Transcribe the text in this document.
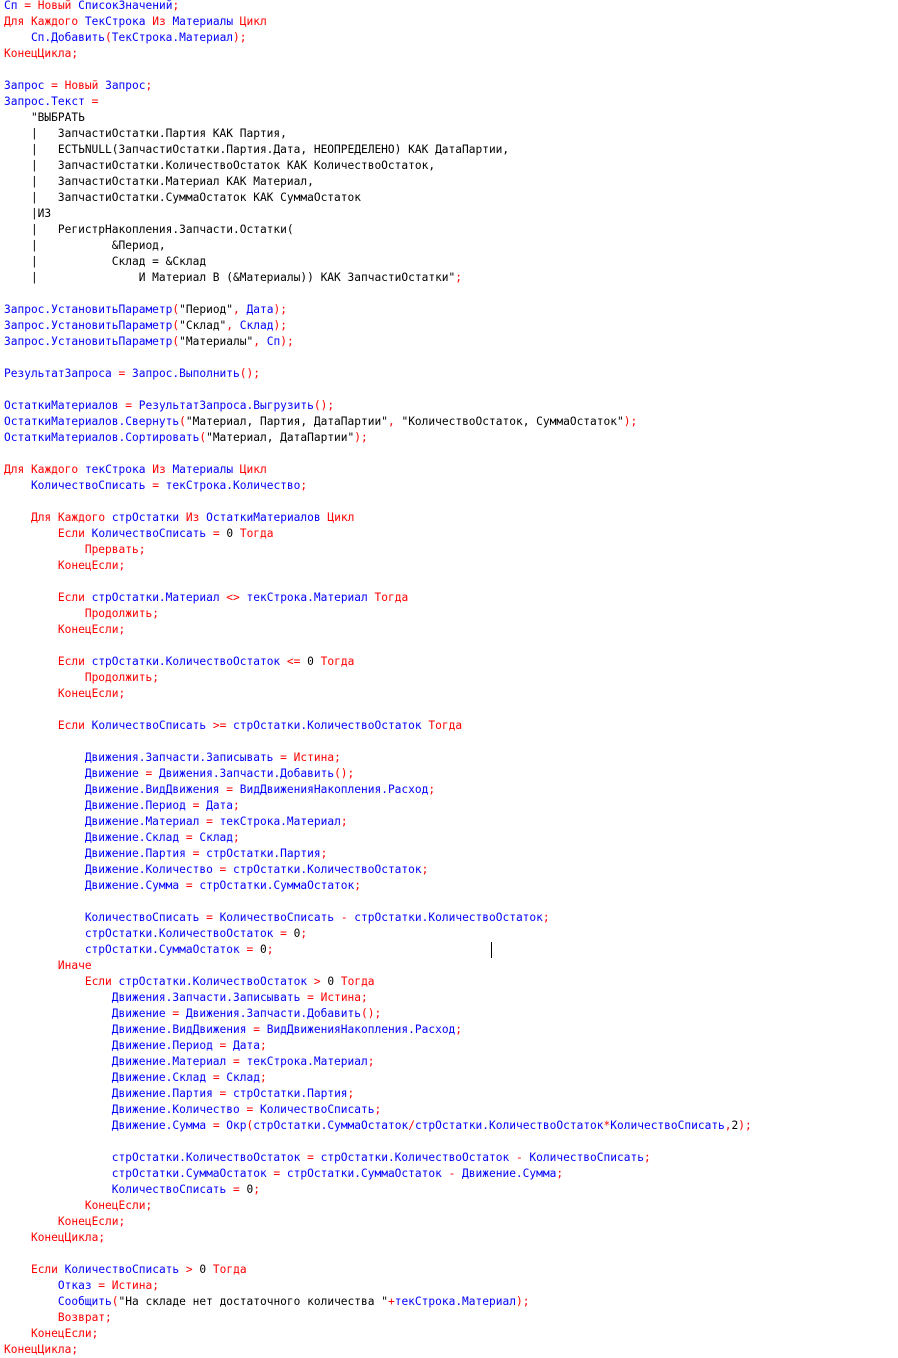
Сп = Новый СписокЗначений;
Для Каждого ТекСтрока Из Материалы Цикл
Сп.Добавить(ТекСтрока.Материал);
КонецЦикла;
Запрос = Новый Запрос;
Запрос.Текст =
"ВЫБРАТЬ
|   ЗапчастиОстатки.Партия КАК Партия,
|   ЕСТЬNULL(ЗапчастиОстатки.Партия.Дата, НЕОПРЕДЕЛЕНО) КАК ДатаПартии,
|   ЗапчастиОстатки.КоличествоОстаток КАК КоличествоОстаток,
|   ЗапчастиОстатки.Материал КАК Материал,
|   ЗапчастиОстатки.СуммаОстаток КАК СуммаОстаток
|ИЗ
|   РегистрНакопления.Запчасти.Остатки(
|           &Период,
|           Склад = &Склад
|               И Материал В (&Материалы)) КАК ЗапчастиОстатки";
Запрос.УстановитьПараметр("Период", Дата);
Запрос.УстановитьПараметр("Склад", Склад);
Запрос.УстановитьПараметр("Материалы", Сп);
РезультатЗапроса = Запрос.Выполнить();
ОстаткиМатериалов = РезультатЗапроса.Выгрузить();
ОстаткиМатериалов.Свернуть("Материал, Партия, ДатаПартии", "КоличествоОстаток, СуммаОстаток");
ОстаткиМатериалов.Сортировать("Материал, ДатаПартии");
Для Каждого текСтрока Из Материалы Цикл
КоличествоСписать = текСтрока.Количество;
Для Каждого стрОстатки Из ОстаткиМатериалов Цикл
Если КоличествоСписать = 0 Тогда
Прервать;
КонецЕсли;
Если стрОстатки.Материал <> текСтрока.Материал Тогда
Продолжить;
КонецЕсли;
Если стрОстатки.КоличествоОстаток <= 0 Тогда
Продолжить;
КонецЕсли;
Если КоличествоСписать >= стрОстатки.КоличествоОстаток Тогда
Движения.Запчасти.Записывать = Истина;
Движение = Движения.Запчасти.Добавить();
Движение.ВидДвижения = ВидДвиженияНакопления.Расход;
Движение.Период = Дата;
Движение.Материал = текСтрока.Материал;
Движение.Склад = Склад;
Движение.Партия = стрОстатки.Партия;
Движение.Количество = стрОстатки.КоличествоОстаток;
Движение.Сумма = стрОстатки.СуммаОстаток;
КоличествоСписать = КоличествоСписать - стрОстатки.КоличествоОстаток;
стрОстатки.КоличествоОстаток = 0;
стрОстатки.СуммаОстаток = 0;
Иначе
Если стрОстатки.КоличествоОстаток > 0 Тогда
Движения.Запчасти.Записывать = Истина;
Движение = Движения.Запчасти.Добавить();
Движение.ВидДвижения = ВидДвиженияНакопления.Расход;
Движение.Период = Дата;
Движение.Материал = текСтрока.Материал;
Движение.Склад = Склад;
Движение.Партия = стрОстатки.Партия;
Движение.Количество = КоличествоСписать;
Движение.Сумма = Окр(стрОстатки.СуммаОстаток/стрОстатки.КоличествоОстаток*КоличествоСписать,2);
стрОстатки.КоличествоОстаток = стрОстатки.КоличествоОстаток - КоличествоСписать;
стрОстатки.СуммаОстаток = стрОстатки.СуммаОстаток - Движение.Сумма;
КоличествоСписать = 0;
КонецЕсли;
КонецЕсли;
КонецЦикла;
Если КоличествоСписать > 0 Тогда
Отказ = Истина;
Сообщить("На складе нет достаточного количества "+текСтрока.Материал);
Возврат;
КонецЕсли;
КонецЦикла;
